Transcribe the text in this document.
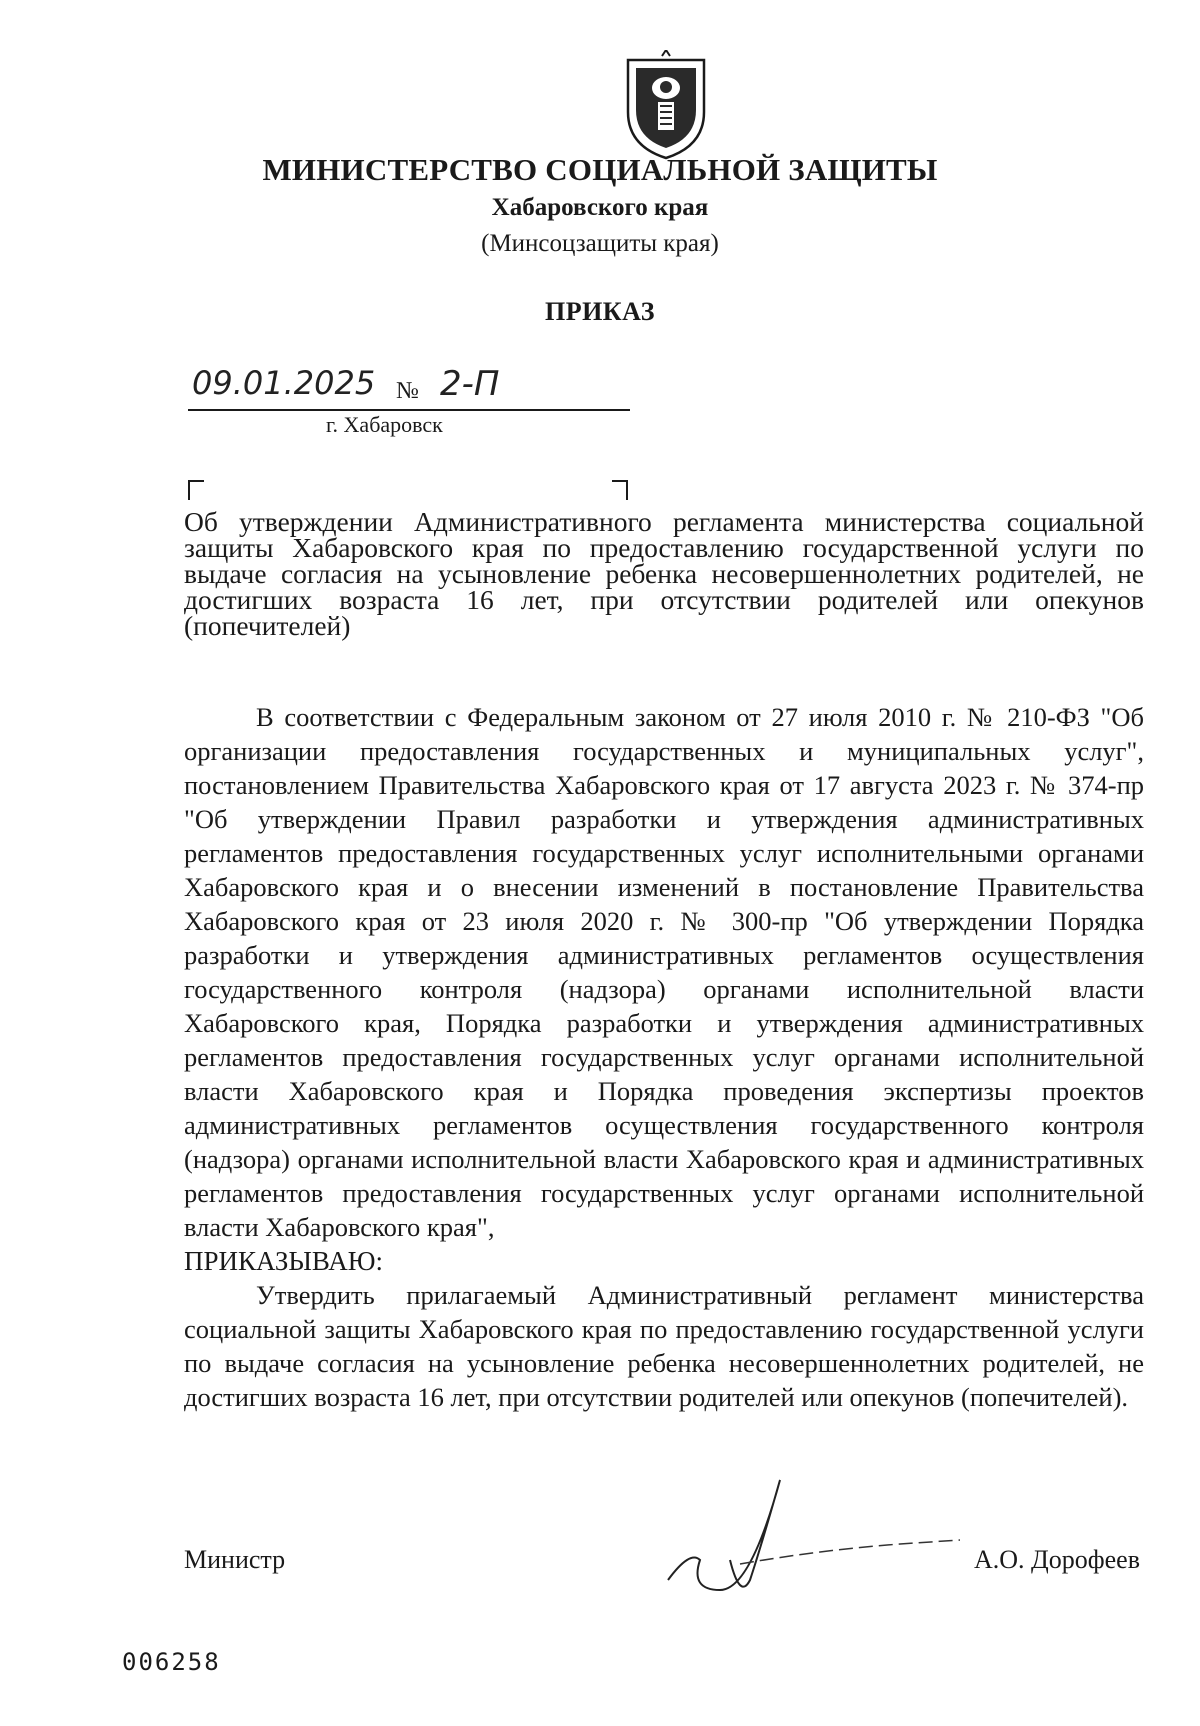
МИНИСТЕРСТВО СОЦИАЛЬНОЙ ЗАЩИТЫ
Хабаровского края
(Минсоцзащиты края)
ПРИКАЗ
09.01.2025 № 2-П
г. Хабаровск

Об утверждении Административного регламента министерства социальной защиты Хабаровского края по предоставлению государственной услуги по выдаче согласия на усыновление ребенка несовершеннолетних родителей, не достигших возраста 16 лет, при отсутствии родителей или опекунов (попечителей)

В соответствии с Федеральным законом от 27 июля 2010 г. № 210-ФЗ "Об организации предоставления государственных и муниципальных услуг", постановлением Правительства Хабаровского края от 17 августа 2023 г. № 374-пр "Об утверждении Правил разработки и утверждения административных регламентов предоставления государственных услуг исполнительными органами Хабаровского края и о внесении изменений в постановление Правительства Хабаровского края от 23 июля 2020 г. № 300-пр "Об утверждении Порядка разработки и утверждения административных регламентов осуществления государственного контроля (надзора) органами исполнительной власти Хабаровского края, Порядка разработки и утверждения административных регламентов предоставления государственных услуг органами исполнительной власти Хабаровского края и Порядка проведения экспертизы проектов административных регламентов осуществления государственного контроля (надзора) органами исполнительной власти Хабаровского края и административных регламентов предоставления государственных услуг органами исполнительной власти Хабаровского края",

ПРИКАЗЫВАЮ:

Утвердить прилагаемый Административный регламент министерства социальной защиты Хабаровского края по предоставлению государственной услуги по выдаче согласия на усыновление ребенка несовершеннолетних родителей, не достигших возраста 16 лет, при отсутствии родителей или опекунов (попечителей).

Министр	А.О. Дорофеев
006258
